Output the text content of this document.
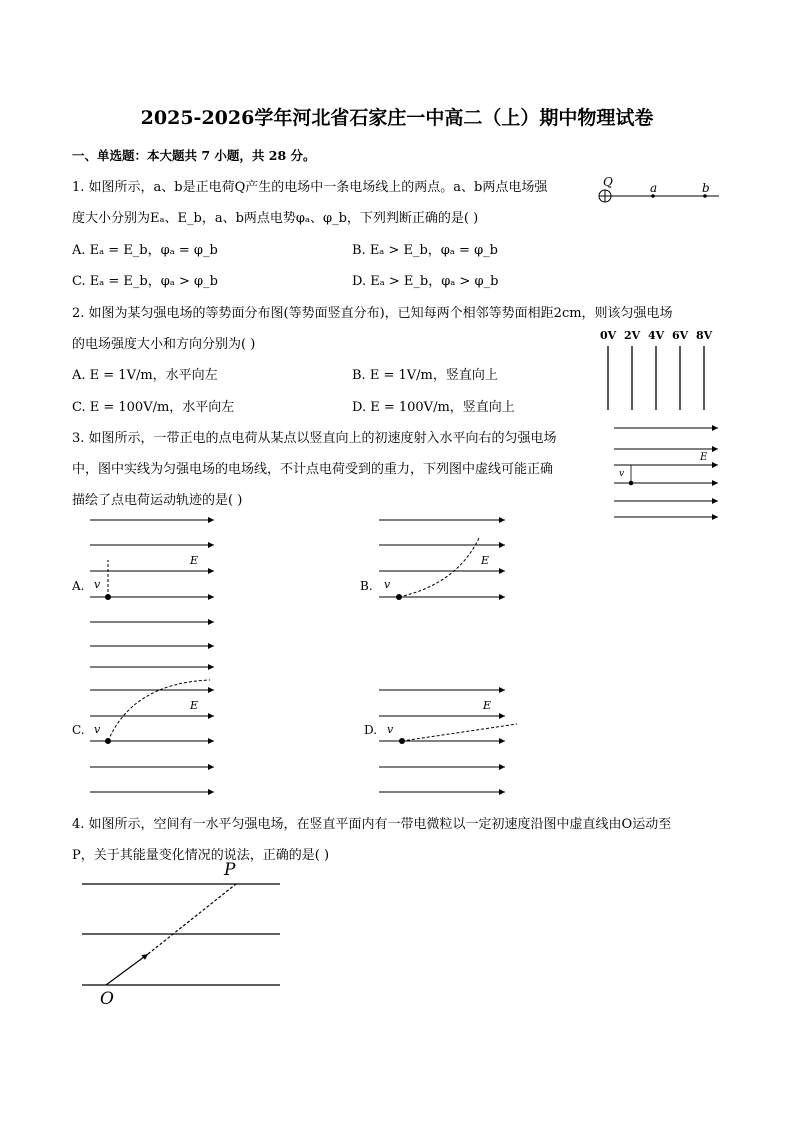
2025-2026学年河北省石家庄一中高二（上）期中物理试卷
一、单选题：本大题共 7 小题，共 28 分。
1. 如图所示，a、b是正电荷Q产生的电场中一条电场线上的两点。a、b两点电场强
度大小分别为Eₐ、E_b，a、b两点电势φₐ、φ_b，下列判断正确的是( )
A. Eₐ = E_b，φₐ = φ_b	B. Eₐ > E_b，φₐ = φ_b
C. Eₐ = E_b，φₐ > φ_b	D. Eₐ > E_b，φₐ > φ_b
Q	a	b
2. 如图为某匀强电场的等势面分布图(等势面竖直分布)，已知每两个相邻等势面相距2cm，则该匀强电场
的电场强度大小和方向分别为( )
A. E = 1V/m，水平向左	B. E = 1V/m，竖直向上
C. E = 100V/m，水平向左	D. E = 100V/m，竖直向上
0V 2V 4V 6V 8V
3. 如图所示，一带正电的点电荷从某点以竖直向上的初速度射入水平向右的匀强电场
中，图中实线为匀强电场的电场线，不计点电荷受到的重力，下列图中虚线可能正确
描绘了点电荷运动轨迹的是( )
v
E
A. v
E
B. v
E
C. v
E
D. v
E
4. 如图所示，空间有一水平匀强电场，在竖直平面内有一带电微粒以一定初速度沿图中虚直线由O运动至
P，关于其能量变化情况的说法，正确的是( )
P
O
